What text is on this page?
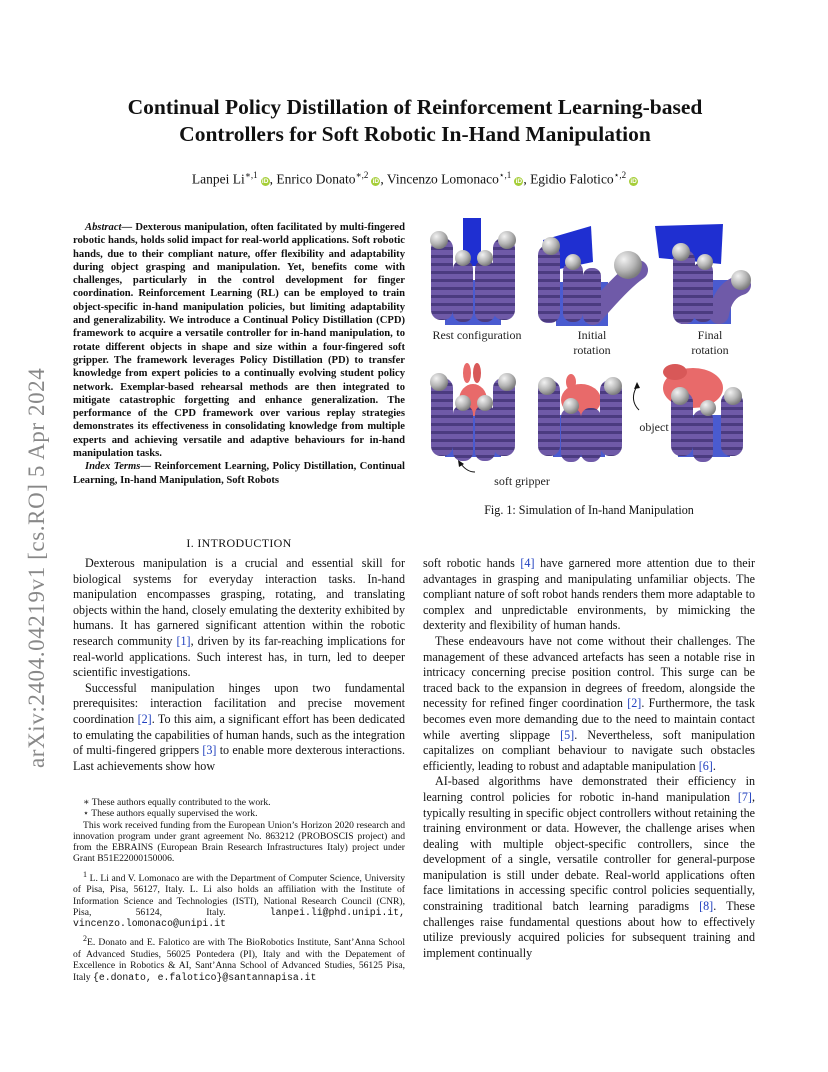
arXiv:2404.04219v1 [cs.RO] 5 Apr 2024
Continual Policy Distillation of Reinforcement Learning-based
Controllers for Soft Robotic In-Hand Manipulation
Lanpei $Li^{∗,1}iD$, Enrico Donato$^{∗,2}$iD, Vincenzo Lomonaco$^{⋆,1}$iD, Egidio Falotico$^{⋆,2}$iD
Abstract— Dexterous manipulation, often facilitated by multi-fingered robotic hands, holds solid impact for real-world applications. Soft robotic hands, due to their compliant nature, offer flexibility and adaptability during object grasping and manipulation. Yet, benefits come with challenges, particularly in the control development for finger coordination. Reinforcement Learning (RL) can be employed to train object-specific in-hand manipulation policies, but limiting adaptability and generalizability. We introduce a Continual Policy Distillation (CPD) framework to acquire a versatile controller for in-hand manipulation, to rotate different objects in shape and size within a four-fingered soft gripper. The framework leverages Policy Distillation (PD) to transfer knowledge from expert policies to a continually evolving student policy network. Exemplar-based rehearsal methods are then integrated to mitigate catastrophic forgetting and enhance generalization. The performance of the CPD framework over various replay strategies demonstrates its effectiveness in consolidating knowledge from multiple experts and achieving versatile and adaptive behaviours for in-hand manipulation tasks.
Index Terms— Reinforcement Learning, Policy Distillation, Continual Learning, In-hand Manipulation, Soft Robots
Rest configuration	Initial rotation
Final rotation
object
soft gripper
Fig. 1: Simulation of In-hand Manipulation
I. INTRODUCTION

Dexterous manipulation is a crucial and essential skill for biological systems for everyday interaction tasks. In-hand manipulation encompasses grasping, rotating, and translating objects within the hand, closely emulating the dexterity exhibited by humans. It has garnered significant attention within the robotic research community [1], driven by its far-reaching implications for real-world applications. Such interest has, in turn, led to deeper scientific investigations.

Successful manipulation hinges upon two fundamental prerequisites: interaction facilitation and precise movement coordination [2]. To this aim, a significant effort has been dedicated to emulating the capabilities of human hands, such as the integration of multi-fingered grippers [3] to enable more dexterous interactions. Last achievements show how

∗ These authors equally contributed to the work.

⋆ These authors equally supervised the work.

This work received funding from the European Union’s Horizon 2020 research and innovation program under grant agreement No. 863212 (PROBOSCIS project) and from the EBRAINS (European Brain Research Infrastructures Italy) project under Grant B51E22000150006.

$^1$ L. Li and V. Lomonaco are with the Department of Computer Science, University of Pisa, Pisa, 56127, Italy. L. Li also holds an affiliation with the Institute of Information Science and Technologies (ISTI), National Research Council (CNR), Pisa, 56124, Italy. lanpei.li@phd.unipi.it, vincenzo.lomonaco@unipi.it

$^2$E. Donato and E. Falotico are with The BioRobotics Institute, Sant’Anna School of Advanced Studies, 56025 Pontedera (PI), Italy and with the Depatement of Excellence in Robotics & AI, Sant’Anna School of Advanced Studies, 56125 Pisa, Italy {e.donato, e.falotico}@santannapisa.it

soft robotic hands [4] have garnered more attention due to their advantages in grasping and manipulating unfamiliar objects. The compliant nature of soft robot hands renders them more adaptable to complex and unpredictable environments, by mimicking the dexterity and flexibility of human hands.

These endeavours have not come without their challenges. The management of these advanced artefacts has seen a notable rise in intricacy concerning precise position control. This surge can be traced back to the expansion in degrees of freedom, alongside the necessity for refined finger coordination [2]. Furthermore, the task becomes even more demanding due to the need to maintain contact while averting slippage [5]. Nevertheless, soft manipulation capitalizes on compliant behaviour to navigate such obstacles efficiently, leading to robust and adaptable manipulation [6].

AI-based algorithms have demonstrated their efficiency in learning control policies for robotic in-hand manipulation [7], typically resulting in specific object controllers without retaining the training environment or data. However, the challenge arises when dealing with multiple object-specific controllers, since the development of a single, versatile controller for general-purpose manipulation is still under debate. Real-world applications often face limitations in accessing specific control policies sequentially, constraining traditional batch learning paradigms [8]. These challenges raise fundamental questions about how to effectively utilize previously acquired policies for subsequent training and implement continually
